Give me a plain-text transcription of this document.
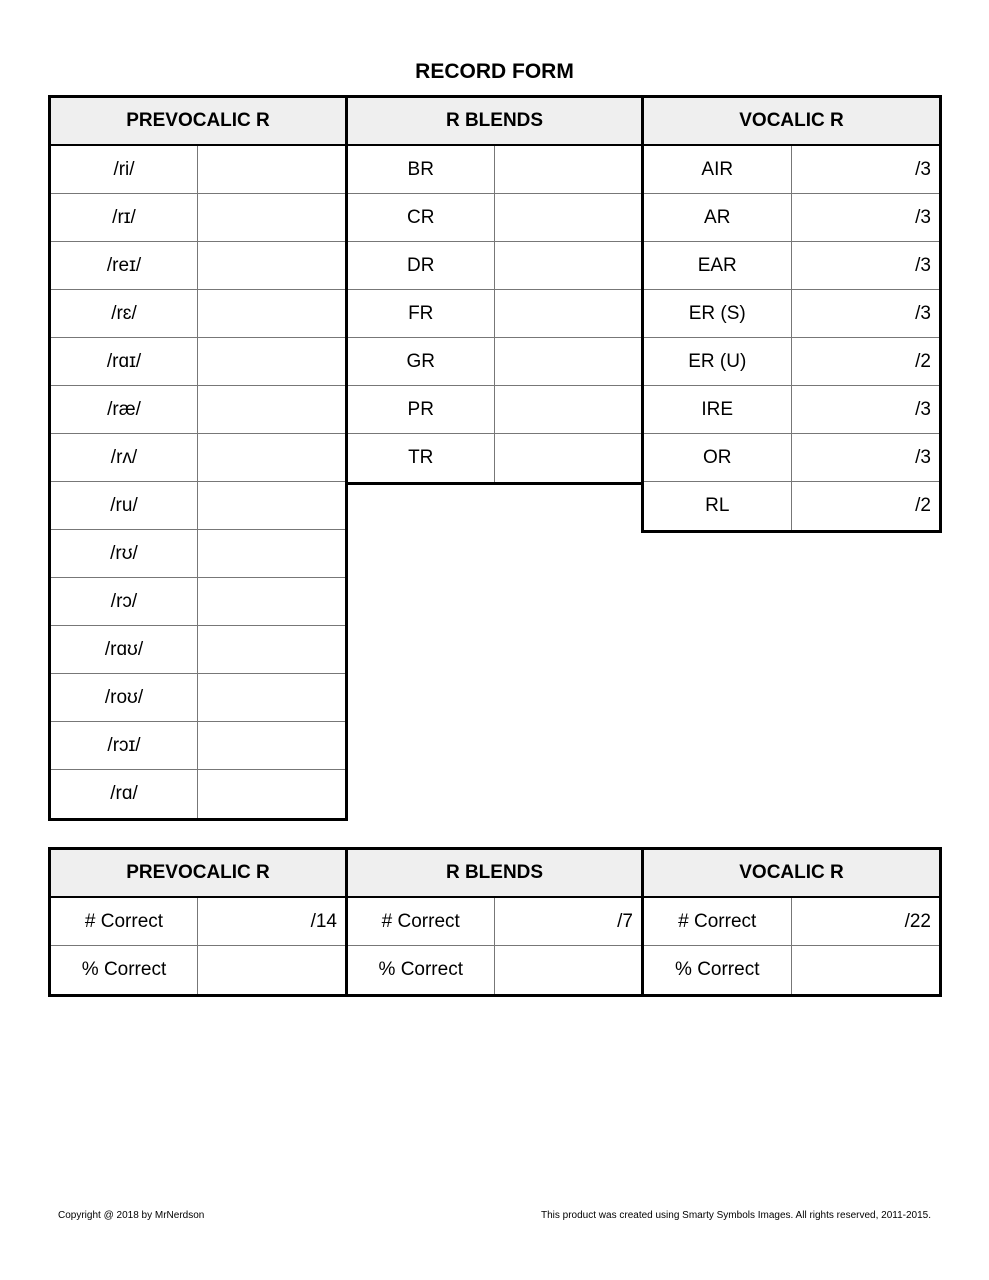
RECORD FORM
PREVOCALIC R
/ri/
/rɪ/
/reɪ/
/rɛ/
/rɑɪ/
/ræ/
/rʌ/
/ru/
/rʊ/
/rɔ/
/rɑʊ/
/roʊ/
/rɔɪ/
/rɑ/
R BLENDS
BR
CR
DR
FR
GR
PR
TR
VOCALIC R
AIR	/3
AR	/3
EAR	/3
ER (S)	/3
ER (U)	/2
IRE	/3
OR	/3
RL	/2
PREVOCALIC R
# Correct	/14
% Correct
R BLENDS
# Correct	/7
% Correct
VOCALIC R
# Correct	/22
% Correct
Copyright @ 2018 by MrNerdson	This product was created using Smarty Symbols Images. All rights reserved, 2011-2015.
